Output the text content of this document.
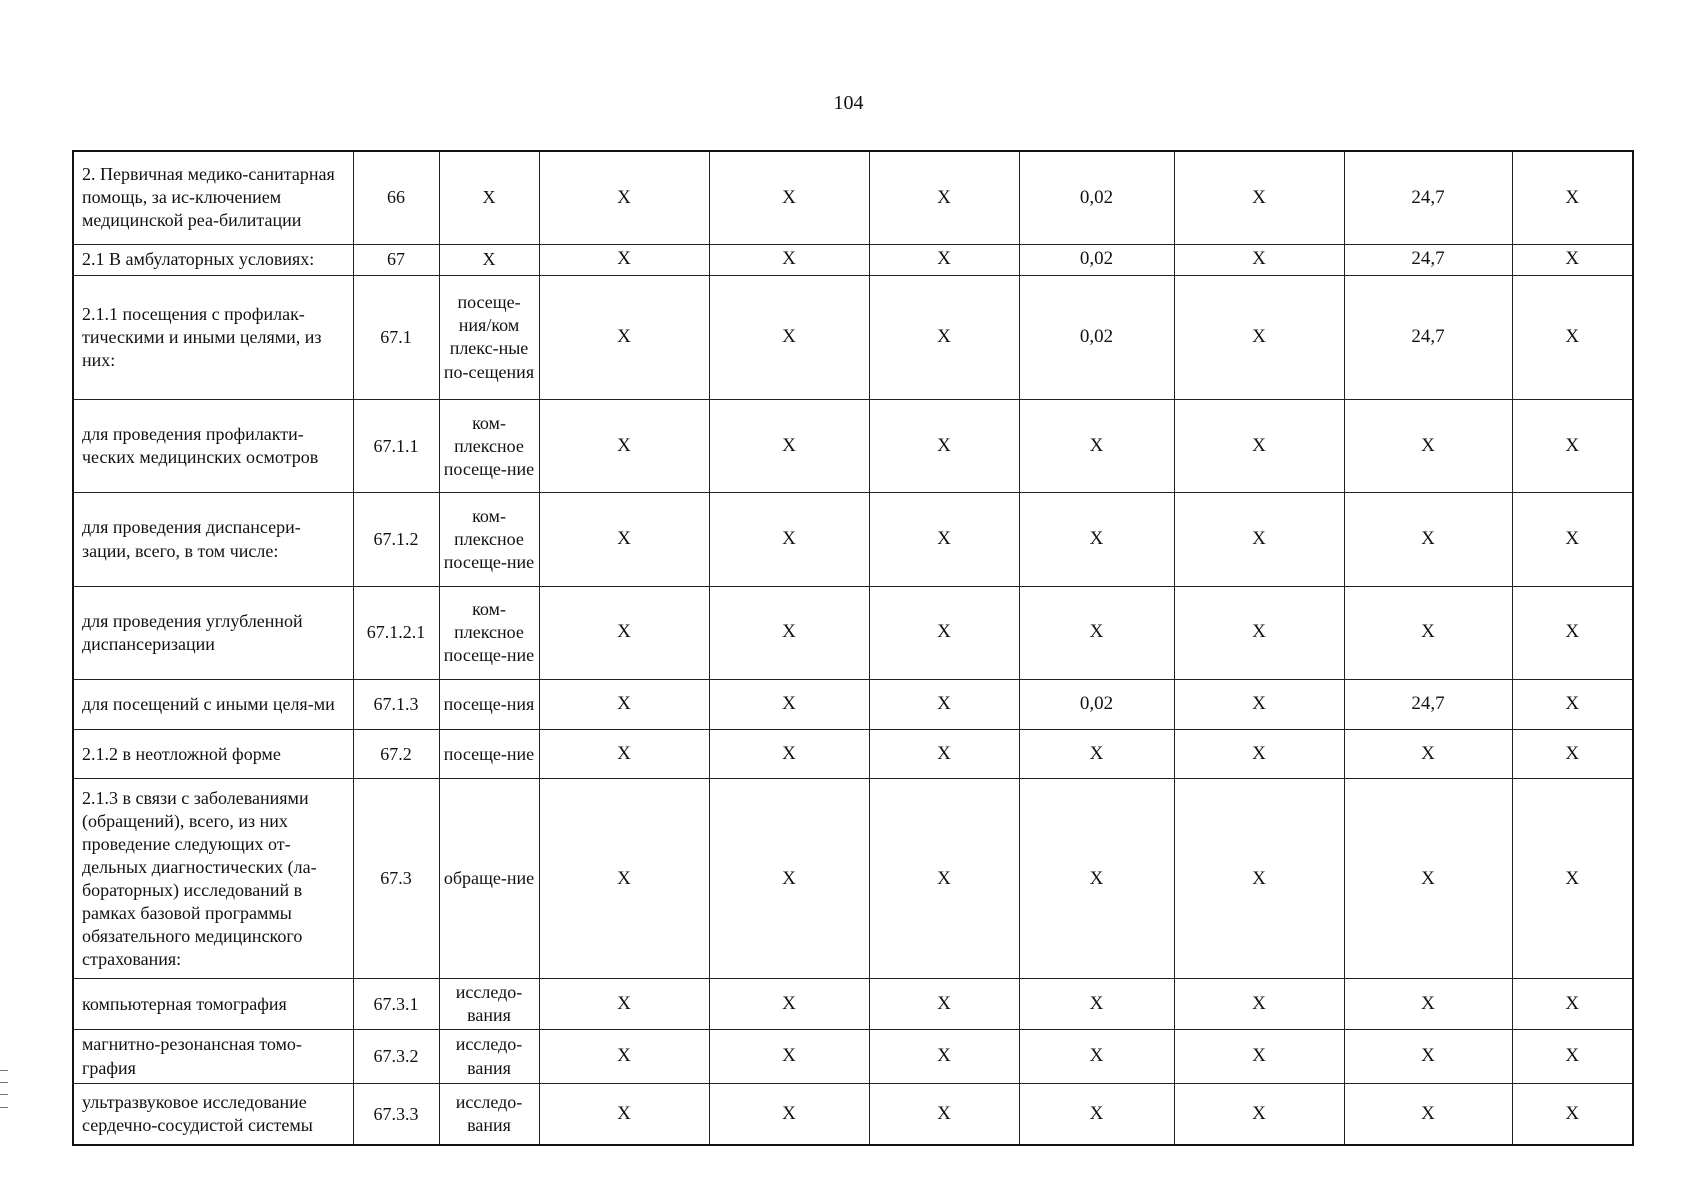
104
2. Первичная медико-санитарная помощь, за ис-ключением медицинской реа-билитации	66	X	X	X	X	0,02	X	24,7	X
2.1 В амбулаторных условиях:	67	X	X	X	X	0,02	X	24,7	X
2.1.1 посещения с профилак-тическими и иными целями, из них:	67.1	посеще-ния/ком плекс-ные по-сещения	X	X	X	0,02	X	24,7	X
для проведения профилакти-ческих медицинских осмотров	67.1.1	ком-плексное посеще-ние	X	X	X	X	X	X	X
для проведения диспансери-зации, всего, в том числе:	67.1.2	ком-плексное посеще-ние	X	X	X	X	X	X	X
для проведения углубленной диспансеризации	67.1.2.1	ком-плексное посеще-ние	X	X	X	X	X	X	X
для посещений с иными целя-ми	67.1.3	посеще-ния	X	X	X	0,02	X	24,7	X
2.1.2 в неотложной форме	67.2	посеще-ние	X	X	X	X	X	X	X
2.1.3 в связи с заболеваниями (обращений), всего, из них проведение следующих от-дельных диагностических (ла-бораторных) исследований в рамках базовой программы обязательного медицинского страхования:	67.3	обраще-ние	X	X	X	X	X	X	X
компьютерная томография	67.3.1	исследо-вания	X	X	X	X	X	X	X
магнитно-резонансная томо-графия	67.3.2	исследо-вания	X	X	X	X	X	X	X
ультразвуковое исследование сердечно-сосудистой системы	67.3.3	исследо-вания	X	X	X	X	X	X	X
